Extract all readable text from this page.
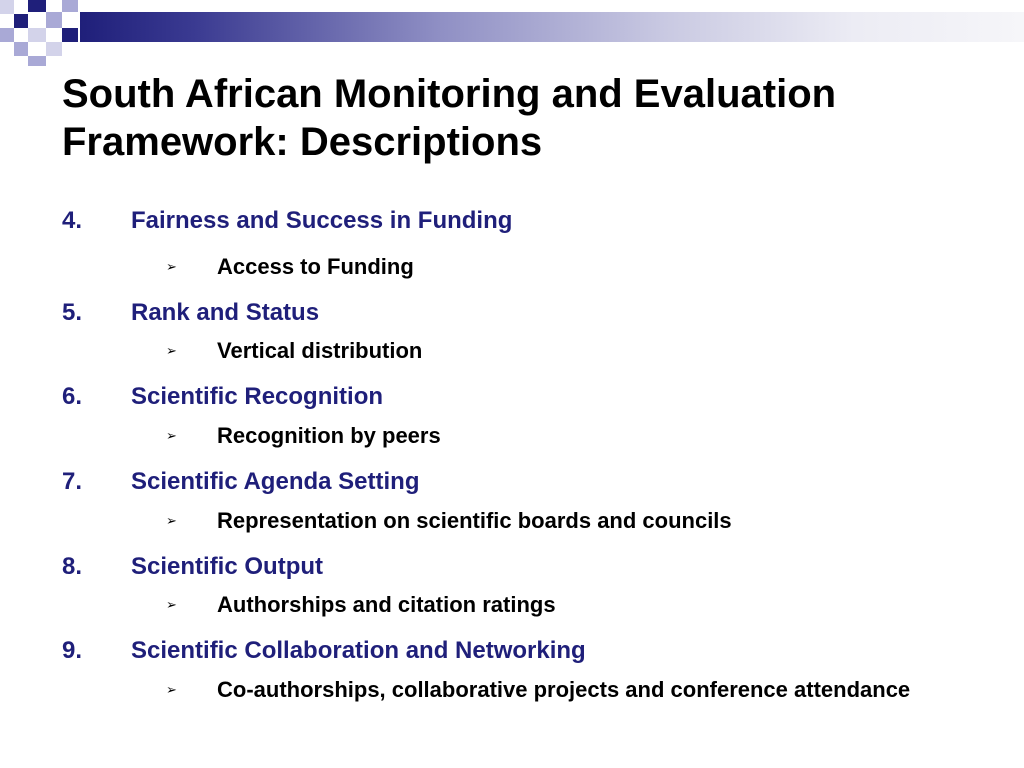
South African Monitoring and Evaluation
Framework: Descriptions
4. Fairness and Success in Funding
➢ Access to Funding
5. Rank and Status
➢ Vertical distribution
6. Scientific Recognition
➢ Recognition by peers
7. Scientific Agenda Setting
➢ Representation on scientific boards and councils
8. Scientific Output
➢ Authorships and citation ratings
9. Scientific Collaboration and Networking
➢ Co-authorships, collaborative projects and conference attendance
